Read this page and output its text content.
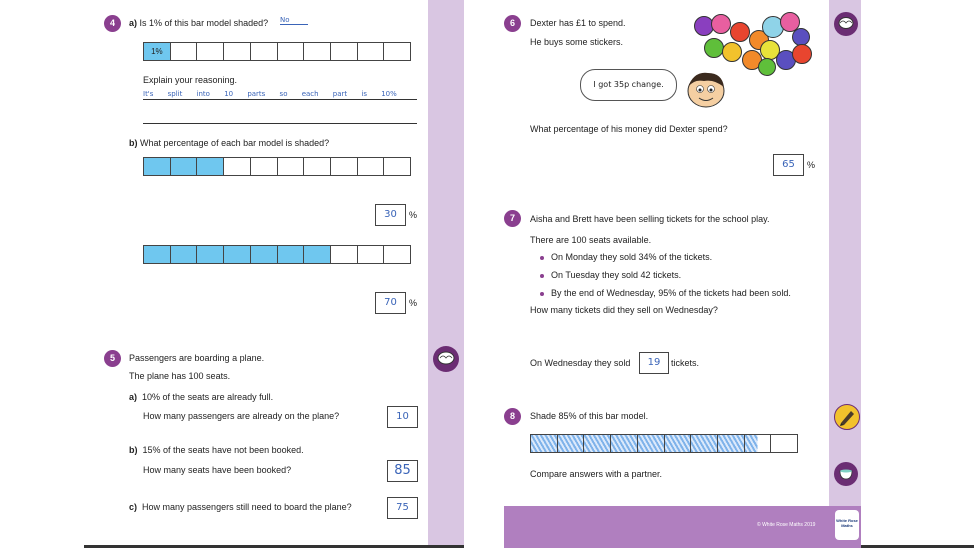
4	a) Is 1% of this bar model shaded? No
1%
Explain your reasoning.
It's split into 10 parts so each part is 10%
b) What percentage of each bar model is shaded?
30	%
70	%
5	Passengers are boarding a plane.
The plane has 100 seats.
a) 10% of the seats are already full.
How many passengers are already on the plane?	10
b) 15% of the seats have not been booked.
How many seats have been booked?	85
c) How many passengers still need to board the plane?	75
6	Dexter has £1 to spend.
He buys some stickers.
I got 35p change.
What percentage of his money did Dexter spend?
65	%
7	Aisha and Brett have been selling tickets for the school play.
There are 100 seats available.
On Monday they sold 34% of the tickets.
On Tuesday they sold 42 tickets.
By the end of Wednesday, 95% of the tickets had been sold.
How many tickets did they sell on Wednesday?
On Wednesday they sold	19	tickets.
8	Shade 85% of this bar model.
Compare answers with a partner.
© White Rose Maths 2019
White Rose Maths
